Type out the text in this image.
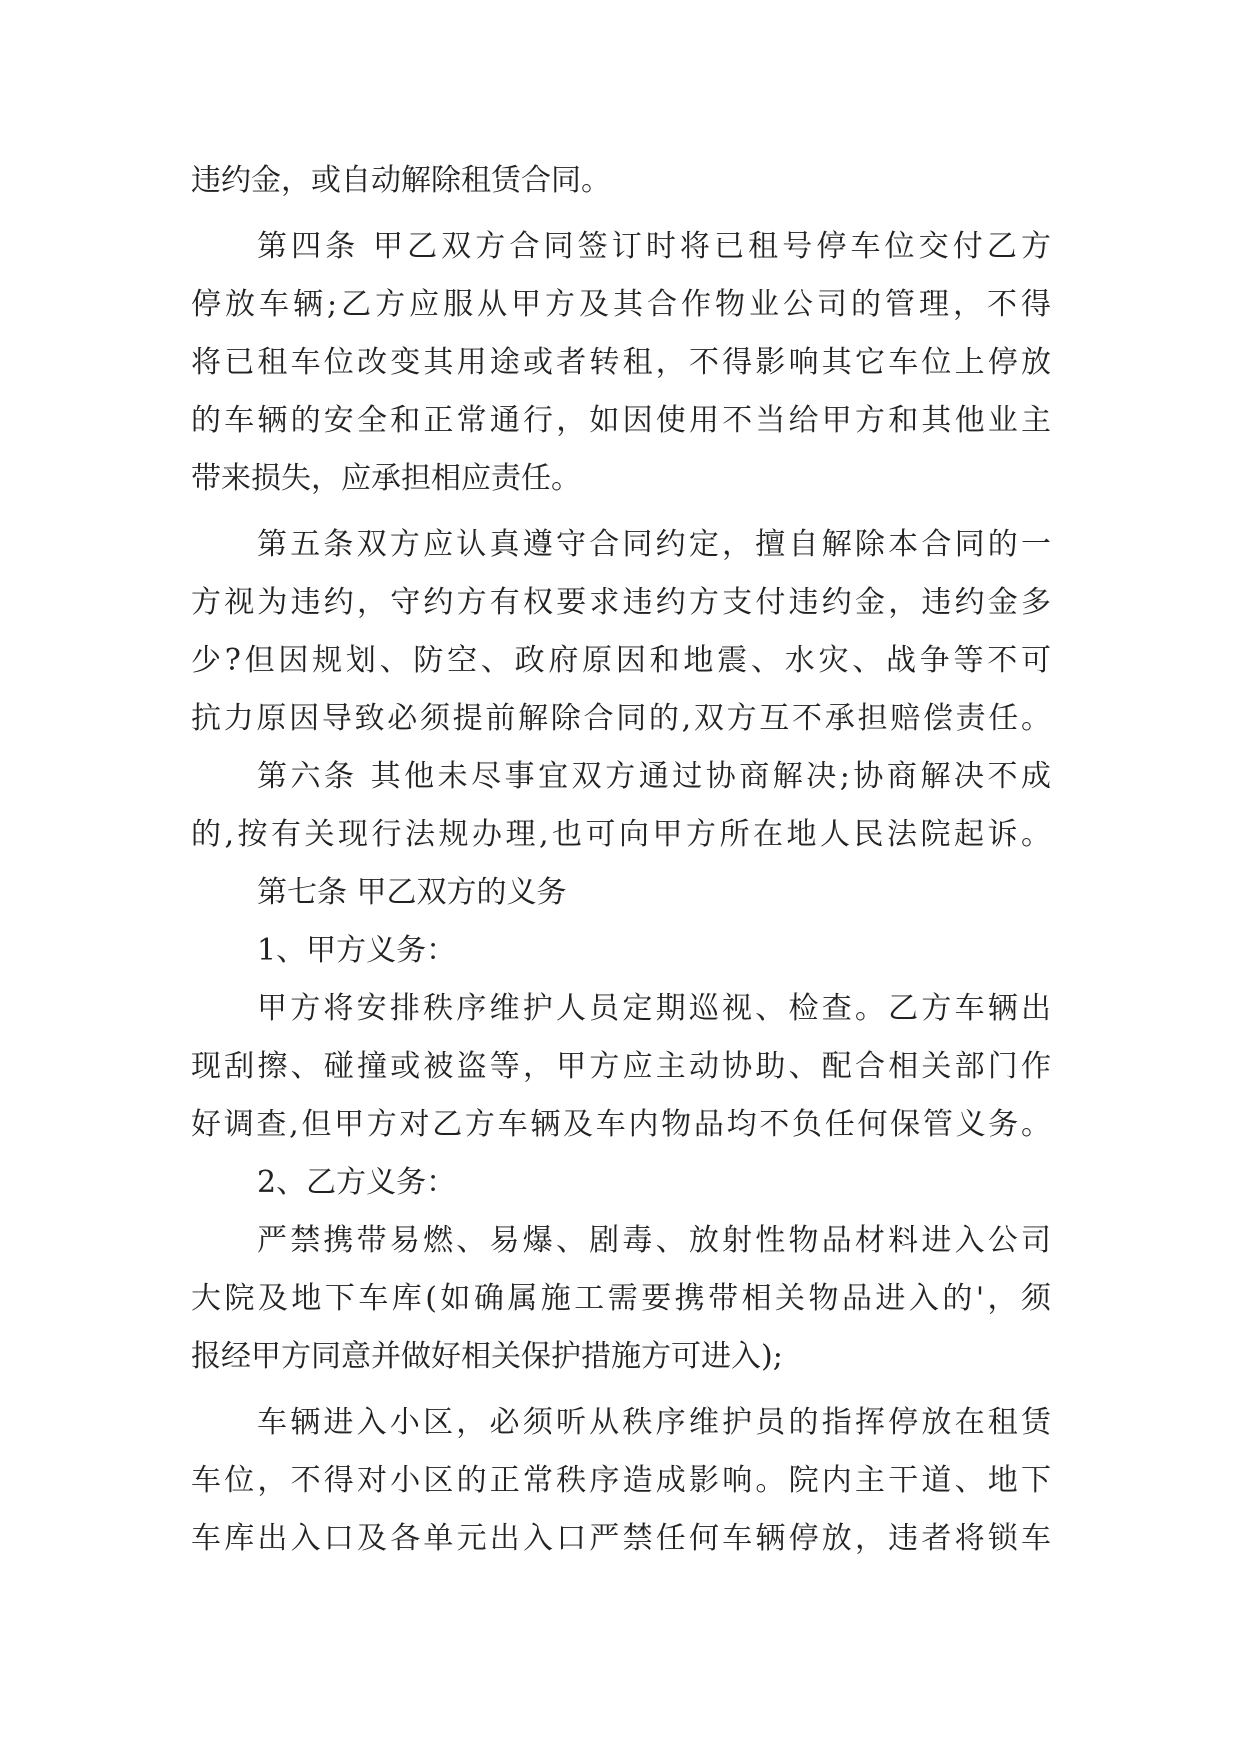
违约金，或自动解除租赁合同。
第四条 甲乙双方合同签订时将已租号停车位交付乙方
停放车辆;乙方应服从甲方及其合作物业公司的管理，不得
将已租车位改变其用途或者转租，不得影响其它车位上停放
的车辆的安全和正常通行，如因使用不当给甲方和其他业主
带来损失，应承担相应责任。
第五条双方应认真遵守合同约定，擅自解除本合同的一
方视为违约，守约方有权要求违约方支付违约金，违约金多
少?但因规划、防空、政府原因和地震、水灾、战争等不可
抗力原因导致必须提前解除合同的,双方互不承担赔偿责任。
第六条 其他未尽事宜双方通过协商解决;协商解决不成
的,按有关现行法规办理,也可向甲方所在地人民法院起诉。
第七条 甲乙双方的义务
1、甲方义务：
甲方将安排秩序维护人员定期巡视、检查。乙方车辆出
现刮擦、碰撞或被盗等，甲方应主动协助、配合相关部门作
好调查,但甲方对乙方车辆及车内物品均不负任何保管义务。
2、乙方义务：
严禁携带易燃、易爆、剧毒、放射性物品材料进入公司
大院及地下车库(如确属施工需要携带相关物品进入的'，须
报经甲方同意并做好相关保护措施方可进入);
车辆进入小区，必须听从秩序维护员的指挥停放在租赁
车位，不得对小区的正常秩序造成影响。院内主干道、地下
车库出入口及各单元出入口严禁任何车辆停放，违者将锁车
